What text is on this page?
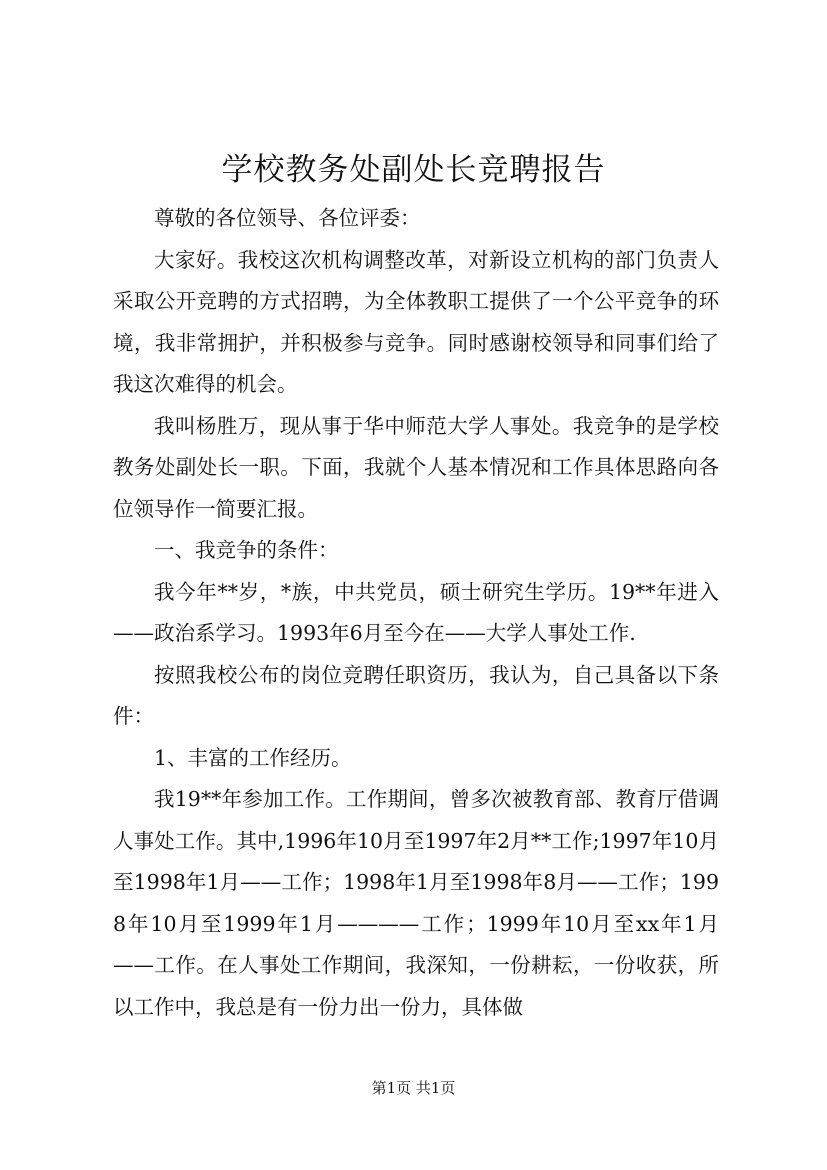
学校教务处副处长竞聘报告

尊敬的各位领导、各位评委：

大家好。我校这次机构调整改革，对新设立机构的部门负责人采取公开竞聘的方式招聘，为全体教职工提供了一个公平竞争的环境，我非常拥护，并积极参与竞争。同时感谢校领导和同事们给了我这次难得的机会。

我叫杨胜万，现从事于华中师范大学人事处。我竞争的是学校教务处副处长一职。下面，我就个人基本情况和工作具体思路向各位领导作一简要汇报。

一、我竞争的条件：

我今年**岁，*族，中共党员，硕士研究生学历。19**年进入——政治系学习。1993年6月至今在——大学人事处工作.

按照我校公布的岗位竞聘任职资历，我认为，自己具备以下条件：

1、丰富的工作经历。

我19**年参加工作。工作期间，曾多次被教育部、教育厅借调人事处工作。其中,1996年10月至1997年2月**工作;1997年10月至1998年1月——工作；1998年1月至1998年8月——工作；1998年10月至1999年1月————工作；1999年10月至xx年1月——工作。在人事处工作期间，我深知，一份耕耘，一份收获，所以工作中，我总是有一份力出一份力，具体做

第1页 共1页
